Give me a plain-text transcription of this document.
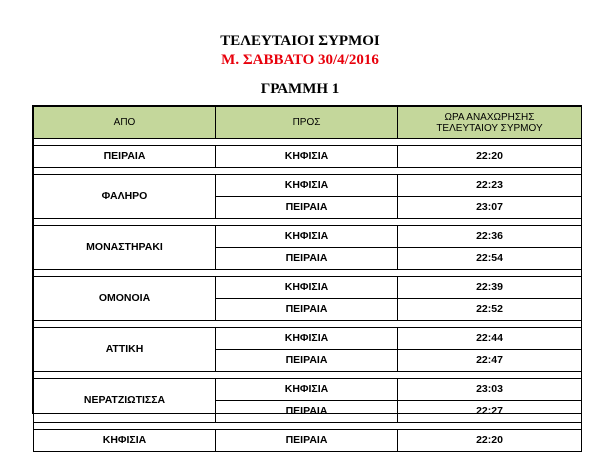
ΤΕΛΕΥΤΑΙΟΙ ΣΥΡΜΟΙ
Μ. ΣΑΒΒΑΤΟ 30/4/2016
ΓΡΑΜΜΗ 1
ΑΠΟ	ΠΡΟΣ	ΩΡΑ ΑΝΑΧΩΡΗΣΗΣ
ΤΕΛΕΥΤΑΙΟΥ ΣΥΡΜΟΥ

ΠΕΙΡΑΙΑ	ΚΗΦΙΣΙΑ	22:20

ΦΑΛΗΡΟ	ΚΗΦΙΣΙΑ	22:23
	ΠΕΙΡΑΙΑ	23:07

ΜΟΝΑΣΤΗΡΑΚΙ	ΚΗΦΙΣΙΑ	22:36
	ΠΕΙΡΑΙΑ	22:54

ΟΜΟΝΟΙΑ	ΚΗΦΙΣΙΑ	22:39
	ΠΕΙΡΑΙΑ	22:52

ΑΤΤΙΚΗ	ΚΗΦΙΣΙΑ	22:44
	ΠΕΙΡΑΙΑ	22:47

ΝΕΡΑΤΖΙΩΤΙΣΣΑ	ΚΗΦΙΣΙΑ	23:03
	ΠΕΙΡΑΙΑ	22:27

ΚΗΦΙΣΙΑ	ΠΕΙΡΑΙΑ	22:20
